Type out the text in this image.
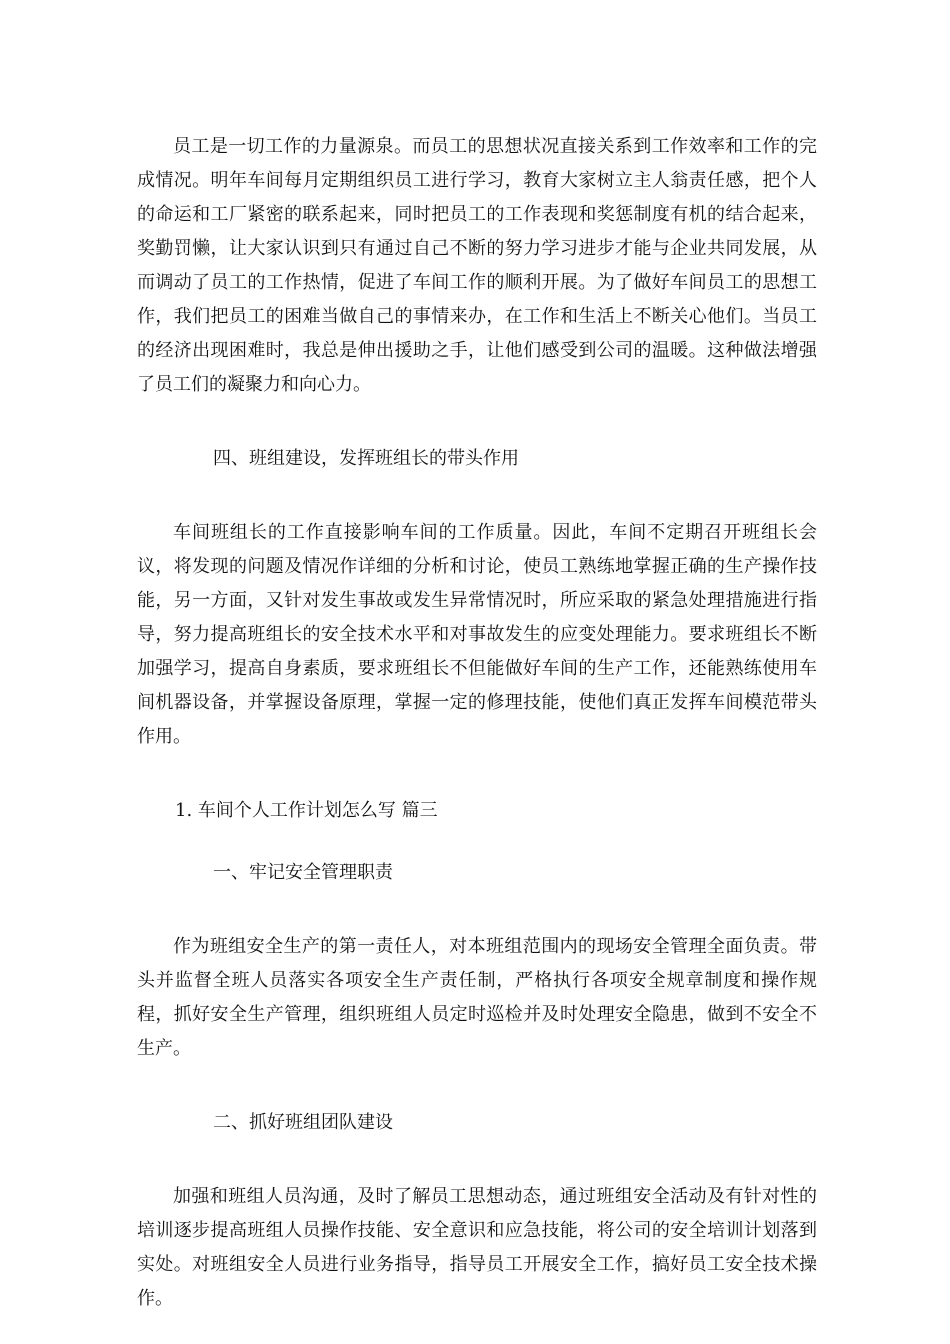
员工是一切工作的力量源泉。而员工的思想状况直接关系到工作效率和工作的完成情况。明年车间每月定期组织员工进行学习，教育大家树立主人翁责任感，把个人的命运和工厂紧密的联系起来，同时把员工的工作表现和奖惩制度有机的结合起来，奖勤罚懒，让大家认识到只有通过自己不断的努力学习进步才能与企业共同发展，从而调动了员工的工作热情，促进了车间工作的顺利开展。为了做好车间员工的思想工作，我们把员工的困难当做自己的事情来办，在工作和生活上不断关心他们。当员工的经济出现困难时，我总是伸出援助之手，让他们感受到公司的温暖。这种做法增强了员工们的凝聚力和向心力。

四、班组建设，发挥班组长的带头作用

车间班组长的工作直接影响车间的工作质量。因此，车间不定期召开班组长会议，将发现的问题及情况作详细的分析和讨论，使员工熟练地掌握正确的生产操作技能，另一方面，又针对发生事故或发生异常情况时，所应采取的紧急处理措施进行指导，努力提高班组长的安全技术水平和对事故发生的应变处理能力。要求班组长不断加强学习，提高自身素质，要求班组长不但能做好车间的生产工作，还能熟练使用车间机器设备，并掌握设备原理，掌握一定的修理技能，使他们真正发挥车间模范带头作用。

1. 车间个人工作计划怎么写 篇三

一、牢记安全管理职责

作为班组安全生产的第一责任人，对本班组范围内的现场安全管理全面负责。带头并监督全班人员落实各项安全生产责任制，严格执行各项安全规章制度和操作规程，抓好安全生产管理，组织班组人员定时巡检并及时处理安全隐患，做到不安全不生产。

二、抓好班组团队建设

加强和班组人员沟通，及时了解员工思想动态，通过班组安全活动及有针对性的培训逐步提高班组人员操作技能、安全意识和应急技能，将公司的安全培训计划落到实处。对班组安全人员进行业务指导，指导员工开展安全工作，搞好员工安全技术操作。
